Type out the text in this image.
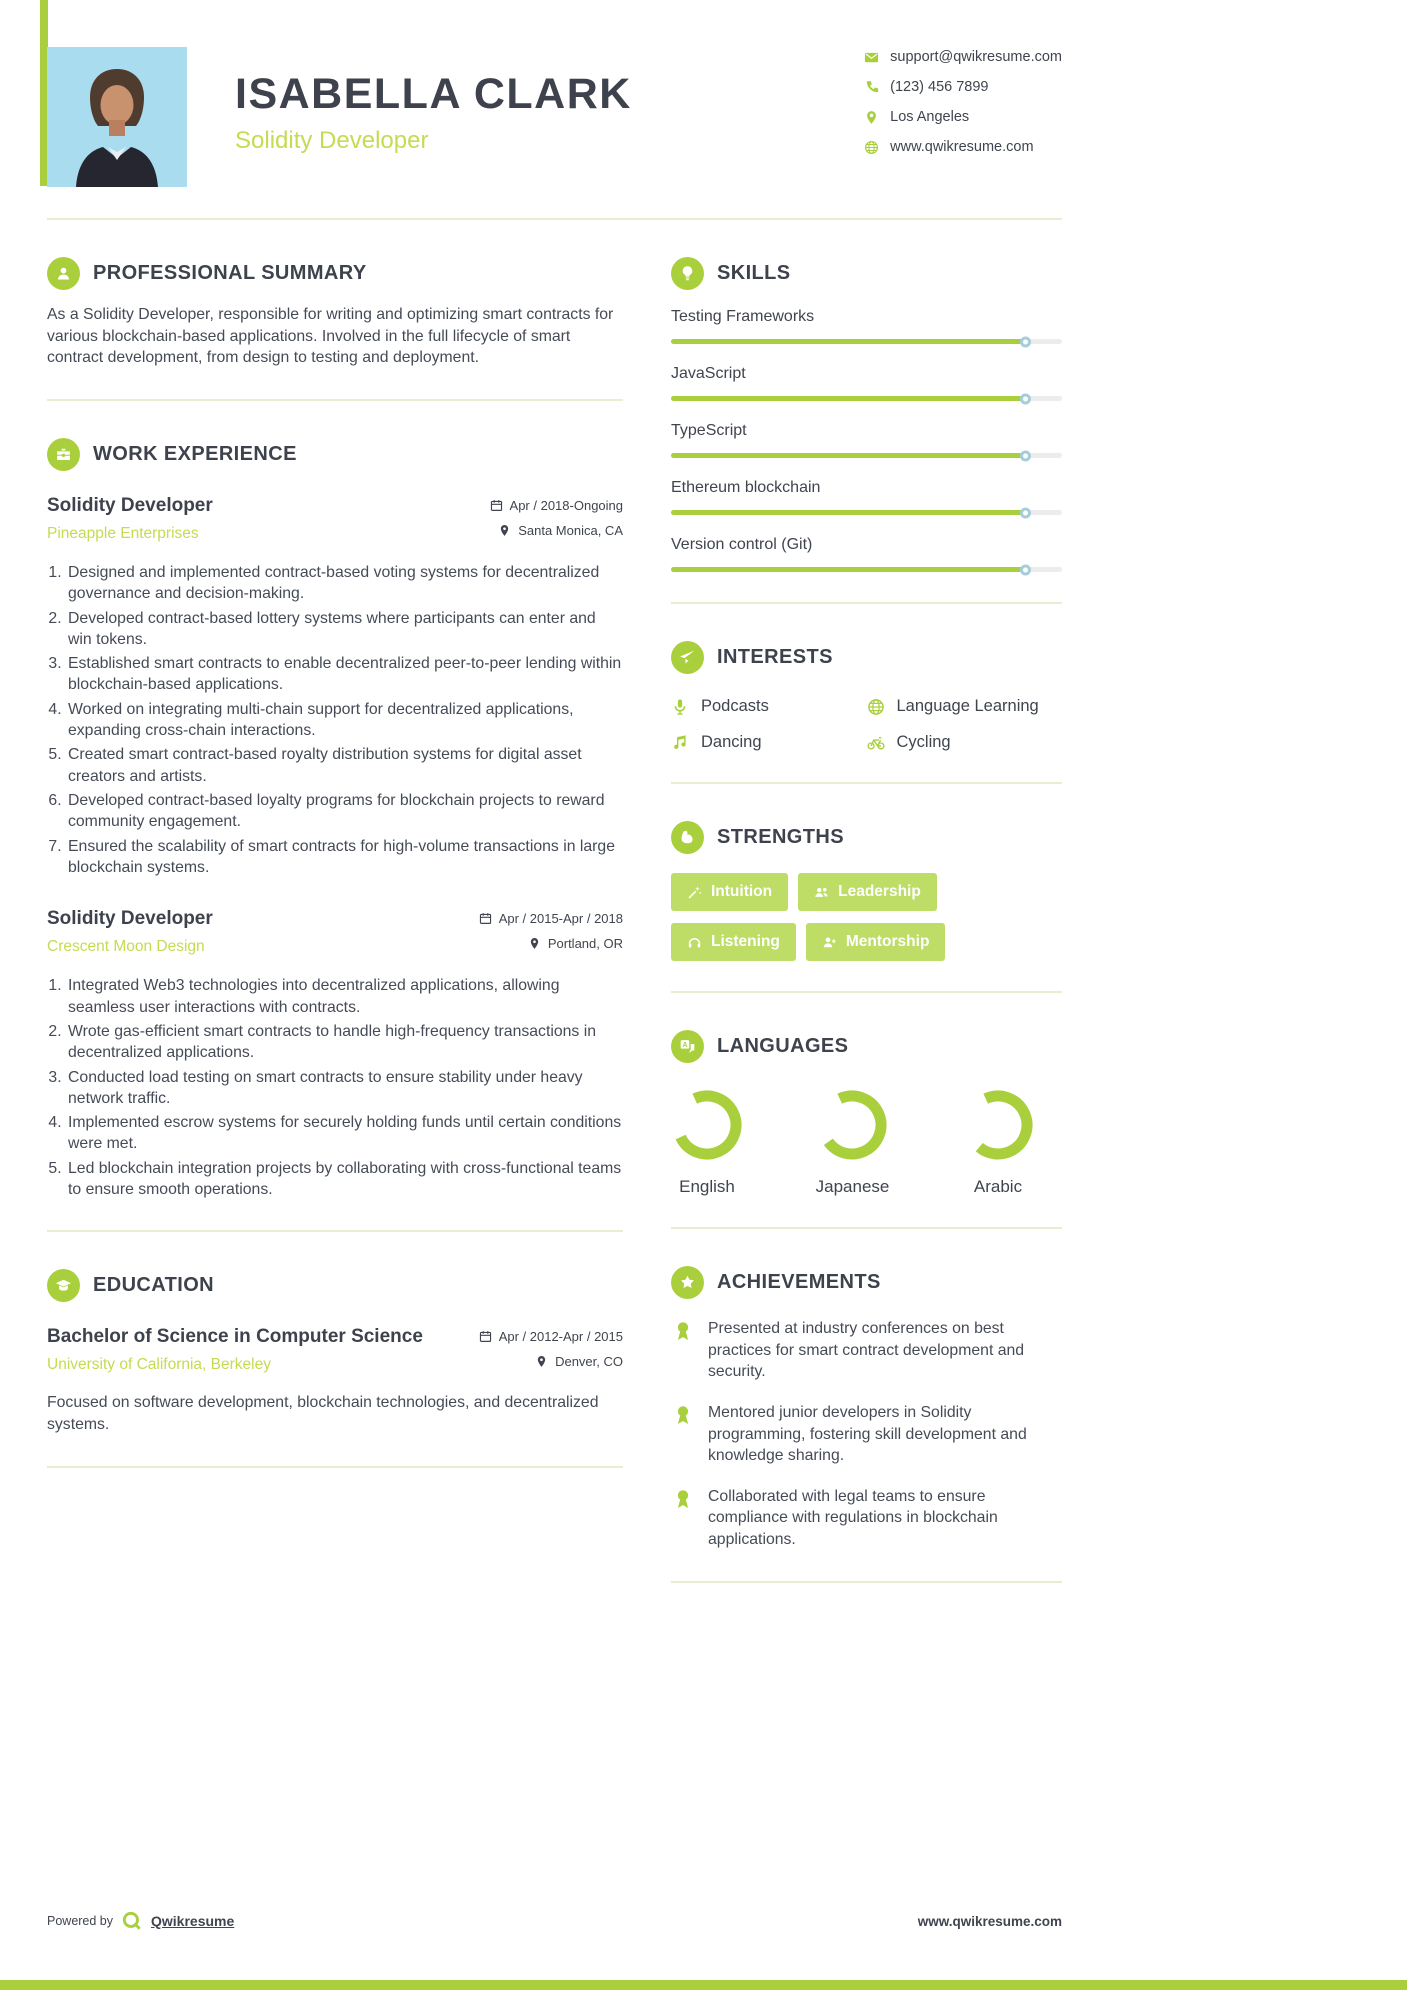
ISABELLA CLARK
Solidity Developer
support@qwikresume.com
(123) 456 7899
Los Angeles
www.qwikresume.com
PROFESSIONAL SUMMARY

As a Solidity Developer, responsible for writing and optimizing smart contracts for various blockchain-based applications. Involved in the full lifecycle of smart contract development, from design to testing and deployment.

WORK EXPERIENCE
Solidity Developer
Pineapple Enterprises
Apr / 2018-Ongoing
Santa Monica, CA
1. Designed and implemented contract-based voting systems for decentralized governance and decision-making.
2. Developed contract-based lottery systems where participants can enter and win tokens.
3. Established smart contracts to enable decentralized peer-to-peer lending within blockchain-based applications.
4. Worked on integrating multi-chain support for decentralized applications, expanding cross-chain interactions.
5. Created smart contract-based royalty distribution systems for digital asset creators and artists.
6. Developed contract-based loyalty programs for blockchain projects to reward community engagement.
7. Ensured the scalability of smart contracts for high-volume transactions in large blockchain systems.
Solidity Developer
Crescent Moon Design
Apr / 2015-Apr / 2018
Portland, OR
1. Integrated Web3 technologies into decentralized applications, allowing seamless user interactions with contracts.
2. Wrote gas-efficient smart contracts to handle high-frequency transactions in decentralized applications.
3. Conducted load testing on smart contracts to ensure stability under heavy network traffic.
4. Implemented escrow systems for securely holding funds until certain conditions were met.
5. Led blockchain integration projects by collaborating with cross-functional teams to ensure smooth operations.
EDUCATION
Bachelor of Science in Computer Science
University of California, Berkeley
Apr / 2012-Apr / 2015
Denver, CO

Focused on software development, blockchain technologies, and decentralized systems.

SKILLS
Testing Frameworks
JavaScript
TypeScript
Ethereum blockchain
Version control (Git)
INTERESTS
Podcasts	Language Learning
Dancing	Cycling
STRENGTHS
Intuition	Leadership
Listening	Mentorship
A LANGUAGES
English	Japanese	Arabic
ACHIEVEMENTS
Presented at industry conferences on best practices for smart contract development and security.
Mentored junior developers in Solidity programming, fostering skill development and knowledge sharing.
Collaborated with legal teams to ensure compliance with regulations in blockchain applications.
Powered by	Qwikresume	www.qwikresume.com
